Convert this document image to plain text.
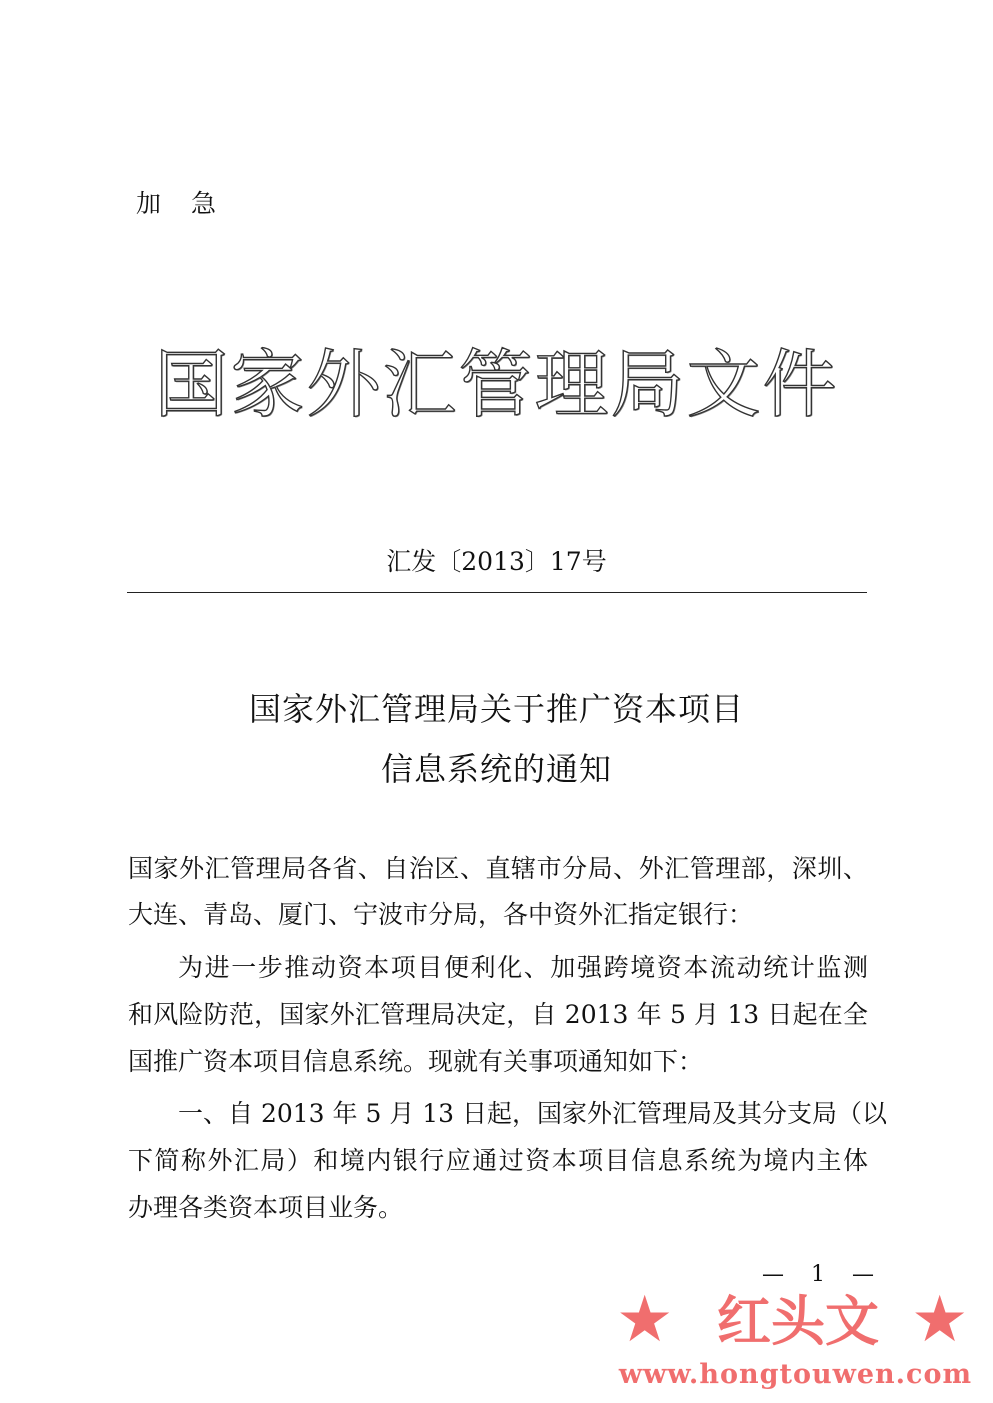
加急
国家外汇管理局文件
汇发〔2013〕17号
国家外汇管理局关于推广资本项目
信息系统的通知
国家外汇管理局各省、自治区、直辖市分局、外汇管理部，深圳、
大连、青岛、厦门、宁波市分局，各中资外汇指定银行：
为进一步推动资本项目便利化、加强跨境资本流动统计监测
和风险防范，国家外汇管理局决定，自 2013 年 5 月 13 日起在全
国推广资本项目信息系统。现就有关事项通知如下：
一、自 2013 年 5 月 13 日起，国家外汇管理局及其分支局（以
下简称外汇局）和境内银行应通过资本项目信息系统为境内主体
办理各类资本项目业务。
— 1 —
★ 红头文 ★
www.hongtouwen.com
